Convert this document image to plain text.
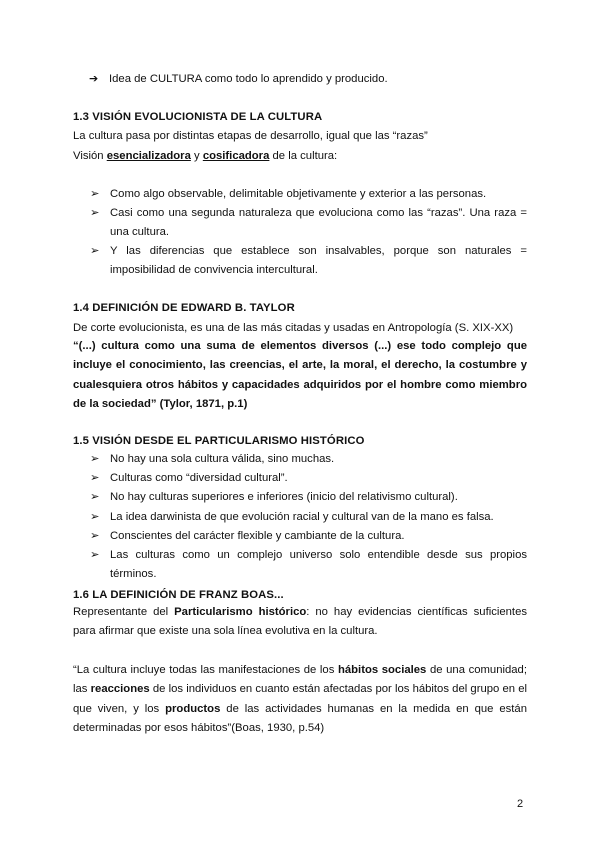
➔ Idea de CULTURA como todo lo aprendido y producido.
1.3 VISIÓN EVOLUCIONISTA DE LA CULTURA
La cultura pasa por distintas etapas de desarrollo, igual que las “razas”
Visión esencializadora y cosificadora de la cultura:
➢ Como algo observable, delimitable objetivamente y exterior a las personas.
➢ Casi como una segunda naturaleza que evoluciona como las “razas”. Una raza = una cultura.
➢ Y las diferencias que establece son insalvables, porque son naturales = imposibilidad de convivencia intercultural.
1.4 DEFINICIÓN DE EDWARD B. TAYLOR
De corte evolucionista, es una de las más citadas y usadas en Antropología (S. XIX-XX)
“(...) cultura como una suma de elementos diversos (...) ese todo complejo que incluye el conocimiento, las creencias, el arte, la moral, el derecho, la costumbre y cualesquiera otros hábitos y capacidades adquiridos por el hombre como miembro de la sociedad” (Tylor, 1871, p.1)
1.5 VISIÓN DESDE EL PARTICULARISMO HISTÓRICO
➢ No hay una sola cultura válida, sino muchas.
➢ Culturas como “diversidad cultural”.
➢ No hay culturas superiores e inferiores (inicio del relativismo cultural).
➢ La idea darwinista de que evolución racial y cultural van de la mano es falsa.
➢ Conscientes del carácter flexible y cambiante de la cultura.
➢ Las culturas como un complejo universo solo entendible desde sus propios términos.
1.6 LA DEFINICIÓN DE FRANZ BOAS...
Representante del Particularismo histórico: no hay evidencias científicas suficientes para afirmar que existe una sola línea evolutiva en la cultura.
“La cultura incluye todas las manifestaciones de los hábitos sociales de una comunidad; las reacciones de los individuos en cuanto están afectadas por los hábitos del grupo en el que viven, y los productos de las actividades humanas en la medida en que están determinadas por esos hábitos”(Boas, 1930, p.54)
2
